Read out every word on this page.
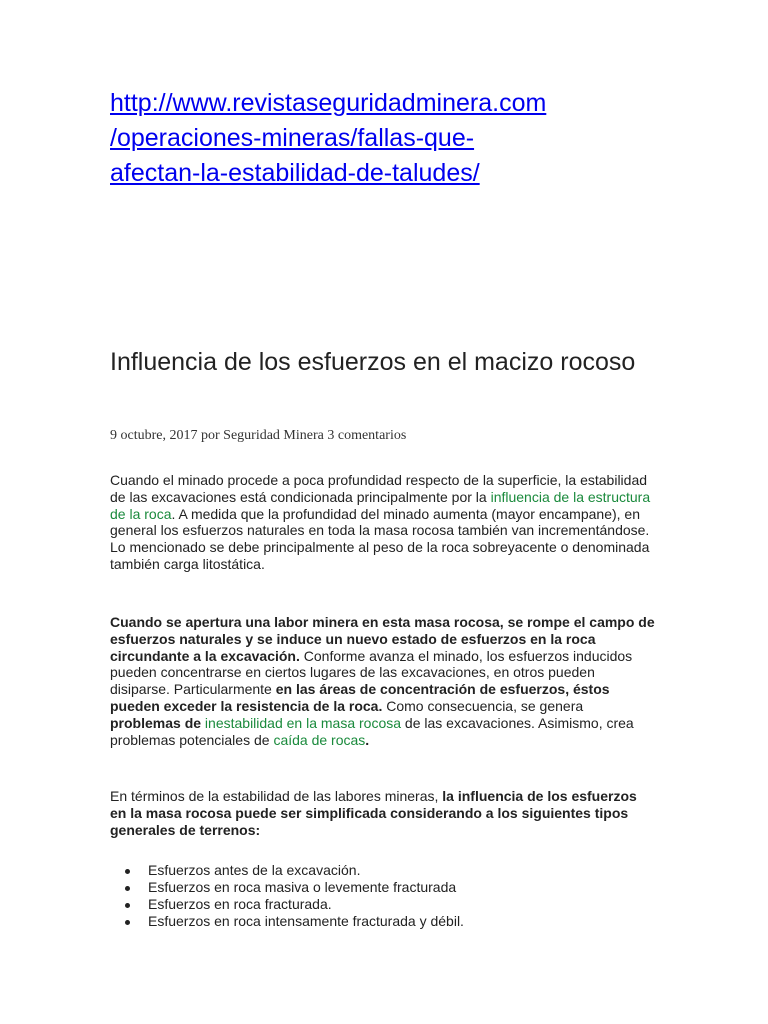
http://www.revistaseguridadminera.com
/operaciones-mineras/fallas-que-
afectan-la-estabilidad-de-taludes/
Influencia de los esfuerzos en el macizo rocoso
9 octubre, 2017 por Seguridad Minera 3 comentarios

Cuando el minado procede a poca profundidad respecto de la superficie, la estabilidad de las excavaciones está condicionada principalmente por la influencia de la estructura de la roca. A medida que la profundidad del minado aumenta (mayor encampane), en general los esfuerzos naturales en toda la masa rocosa también van incrementándose. Lo mencionado se debe principalmente al peso de la roca sobreyacente o denominada también carga litostática.

Cuando se apertura una labor minera en esta masa rocosa, se rompe el campo de esfuerzos naturales y se induce un nuevo estado de esfuerzos en la roca circundante a la excavación. Conforme avanza el minado, los esfuerzos inducidos pueden concentrarse en ciertos lugares de las excavaciones, en otros pueden disiparse. Particularmente en las áreas de concentración de esfuerzos, éstos pueden exceder la resistencia de la roca. Como consecuencia, se genera problemas de inestabilidad en la masa rocosa de las excavaciones. Asimismo, crea problemas potenciales de caída de rocas.

En términos de la estabilidad de las labores mineras, la influencia de los esfuerzos en la masa rocosa puede ser simplificada considerando a los siguientes tipos generales de terrenos:

Esfuerzos antes de la excavación.
Esfuerzos en roca masiva o levemente fracturada
Esfuerzos en roca fracturada.
Esfuerzos en roca intensamente fracturada y débil.
